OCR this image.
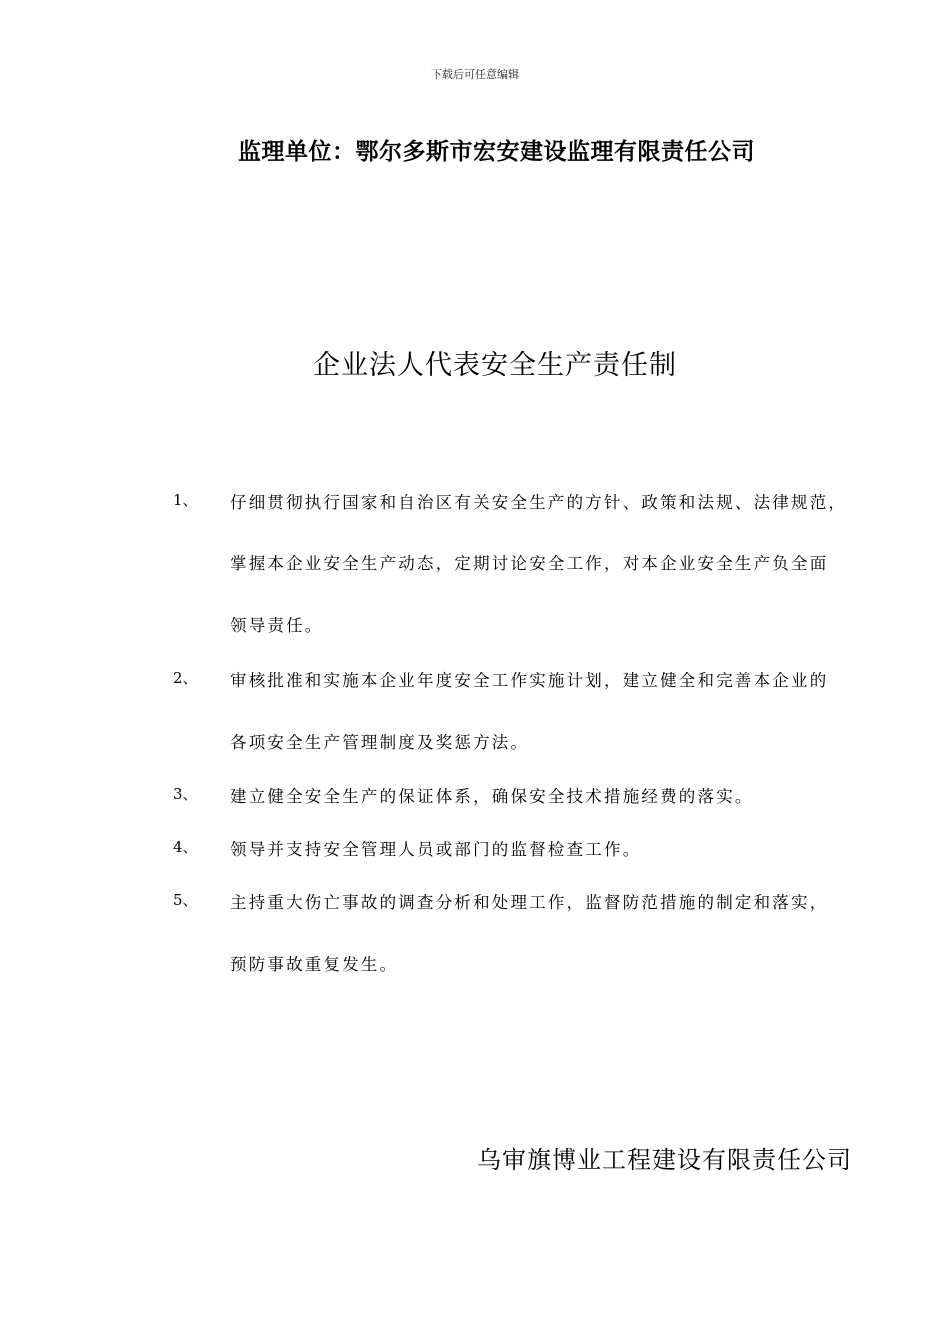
下载后可任意编辑
监理单位：鄂尔多斯市宏安建设监理有限责任公司
企业法人代表安全生产责任制
1、 仔细贯彻执行国家和自治区有关安全生产的方针、政策和法规、法律规范，
掌握本企业安全生产动态，定期讨论安全工作，对本企业安全生产负全面
领导责任。
2、 审核批准和实施本企业年度安全工作实施计划，建立健全和完善本企业的
各项安全生产管理制度及奖惩方法。
3、 建立健全安全生产的保证体系，确保安全技术措施经费的落实。
4、 领导并支持安全管理人员或部门的监督检查工作。
5、 主持重大伤亡事故的调查分析和处理工作，监督防范措施的制定和落实，
预防事故重复发生。
乌审旗博业工程建设有限责任公司
